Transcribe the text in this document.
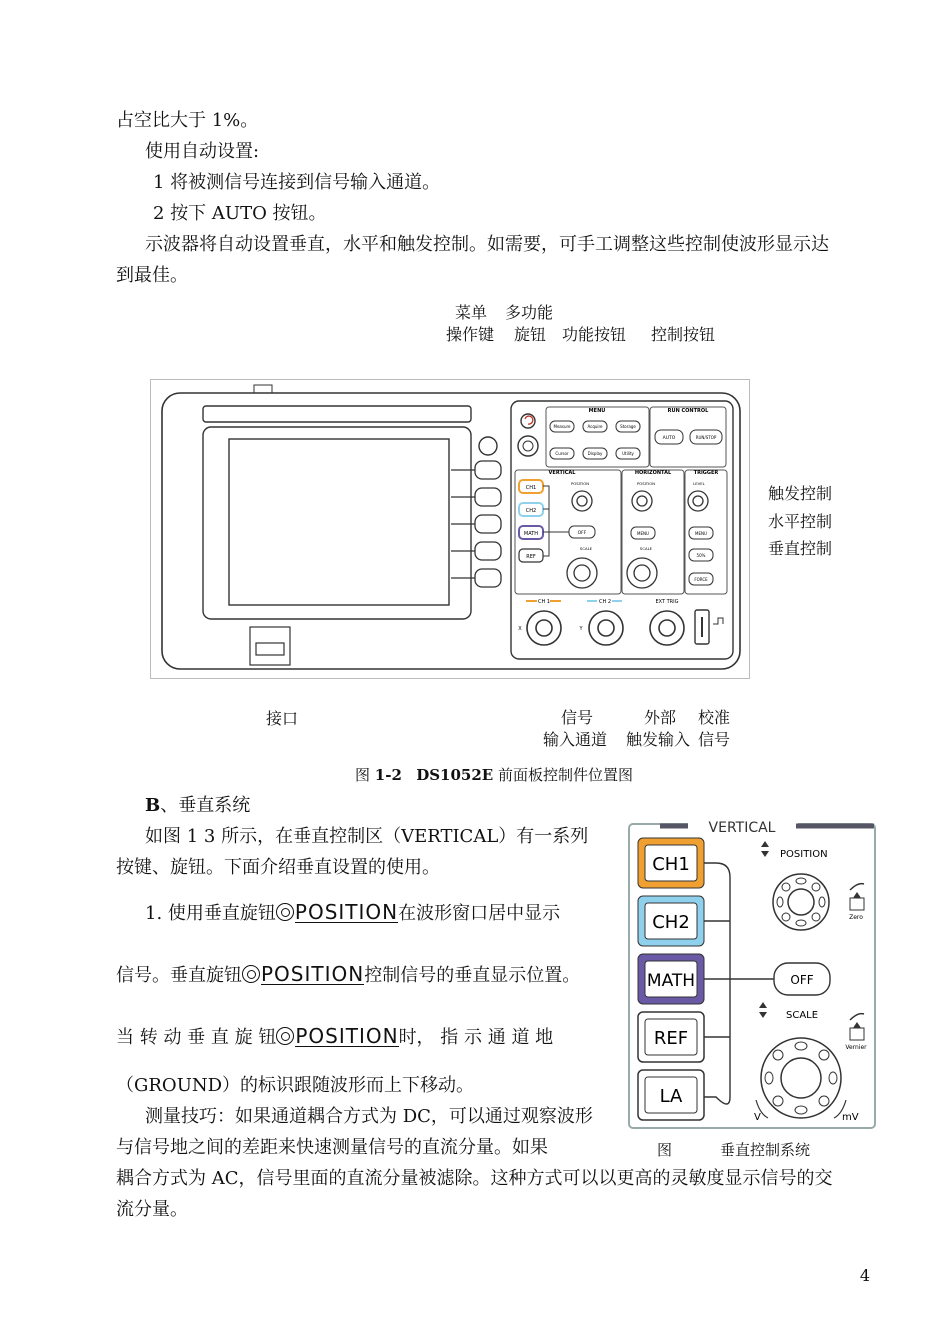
占空比大于 1%。
使用自动设置:
1 将被测信号连接到信号输入通道。
2 按下 AUTO 按钮。
示波器将自动设置垂直，水平和触发控制。如需要，可手工调整这些控制使波形显示达
到最佳。
菜单
操作键
多功能
旋钮 功能按钮 控制按钮
触发控制
水平控制
垂直控制
接口	信号
输入通道
外部
触发输入
校准
信号
MENU
Measure	Acquire	Storage
Cursor	Display	Utility
RUN CONTROL
AUTO	RUN/STOP
VERTICAL	HORIZONTAL	TRIGGER
CH1
CH2
MATH
REF
OFF
POSITION
SCALE
POSITION
SCALE
LEVEL
MENU	MENU
50%
FORCE
CH 1	CH 2	EXT TRIG
X	Y
图 1-2 DS1052E 前面板控制件位置图
B、垂直系统
如图 1 3 所示，在垂直控制区（VERTICAL）有一系列
按键、旋钮。下面介绍垂直设置的使用。
1. 使用垂直旋钮 POSITION在波形窗口居中显示
信号。垂直旋钮 POSITION控制信号的垂直显示位置。
当 转 动 垂 直 旋 钮 POSITION时， 指 示 通 道 地
（GROUND）的标识跟随波形而上下移动。
测量技巧：如果通道耦合方式为 DC，可以通过观察波形
与信号地之间的差距来快速测量信号的直流分量。如果
耦合方式为 AC，信号里面的直流分量被滤除。这种方式可以以更高的灵敏度显示信号的交
流分量。
VERTICAL
CH1
CH2
MATH
REF
LA
OFF
POSITION
Zero
SCALE
V	mV
Vernier
图	垂直控制系统
4
